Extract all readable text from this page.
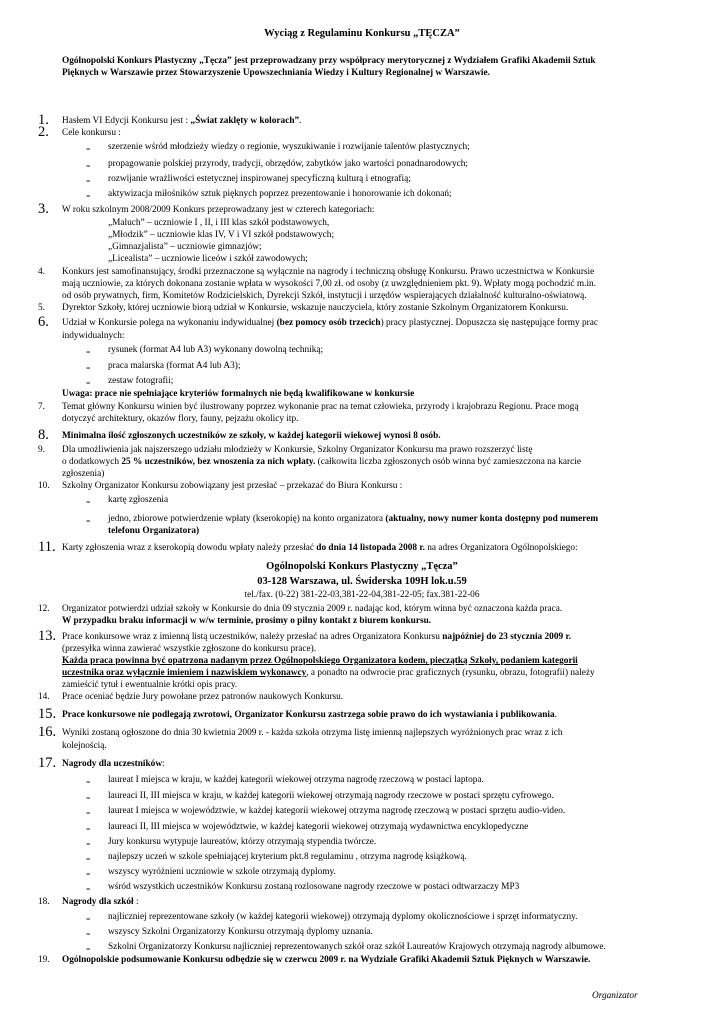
Wyciąg z Regulaminu Konkursu „TĘCZA”
Ogólnopolski Konkurs Plastyczny „Tęcza” jest przeprowadzany przy współpracy merytorycznej z Wydziałem Grafiki Akademii Sztuk
Pięknych w Warszawie przez Stowarzyszenie Upowszechniania Wiedzy i Kultury Regionalnej w Warszawie.
Ogólnopolski Konkurs Plastyczny „Tęcza”
03-128 Warszawa, ul. Świderska 109H lok.u.59
tel./fax. (0-22) 381-22-03,381-22-04,381-22-05; fax.381-22-06
Organizator
1. Hasłem VI Edycji Konkursu jest : „Świat zaklęty w kolorach”.
2. Cele konkursu :
- szerzenie wśród młodzieży wiedzy o regionie, wyszukiwanie i rozwijanie talentów plastycznych;
- propagowanie polskiej przyrody, tradycji, obrzędów, zabytków jako wartości ponadnarodowych;
- rozwijanie wrażliwości estetycznej inspirowanej specyficzną kulturą i etnografią;
- aktywizacja miłośników sztuk pięknych poprzez prezentowanie i honorowanie ich dokonań;
3. W roku szkolnym 2008/2009 Konkurs przeprowadzany jest w czterech kategoriach:
„Maluch” – uczniowie I , II, i III klas szkół podstawowych,
„Młodzik” – uczniowie klas IV, V i VI szkół podstawowych;
„Gimnazjalista” – uczniowie gimnazjów;
„Licealista” – uczniowie liceów i szkół zawodowych;
4. Konkurs jest samofinansujący, środki przeznaczone są wyłącznie na nagrody i techniczną obsługę Konkursu. Prawo uczestnictwa w Konkursie
mają uczniowie, za których dokonana zostanie wpłata w wysokości 7,00 zł. od osoby (z uwzględnieniem pkt. 9). Wpłaty mogą pochodzić m.in.
od osób prywatnych, firm, Komitetów Rodzicielskich, Dyrekcji Szkół, instytucji i urzędów wspierających działalność kulturalno-oświatową.
5. Dyrektor Szkoły, której uczniowie biorą udział w Konkursie, wskazuje nauczyciela, który zostanie Szkolnym Organizatorem Konkursu.
6. Udział w Konkursie polega na wykonaniu indywidualnej (bez pomocy osób trzecich) pracy plastycznej. Dopuszcza się następujące formy prac
indywidualnych:
- rysunek (format A4 lub A3) wykonany dowolną techniką;
- praca malarska (format A4 lub A3);
- zestaw fotografii;
Uwaga: prace nie spełniające kryteriów formalnych nie będą kwalifikowane w konkursie
7. Temat główny Konkursu winien być ilustrowany poprzez wykonanie prac na temat człowieka, przyrody i krajobrazu Regionu. Prace mogą
dotyczyć architektury, okazów flory, fauny, pejzażu okolicy itp.
8. Minimalna ilość zgłoszonych uczestników ze szkoły, w każdej kategorii wiekowej wynosi 8 osób.
9. Dla umożliwienia jak najszerszego udziału młodzieży w Konkursie, Szkolny Organizator Konkursu ma prawo rozszerzyć listę
o dodatkowych 25 % uczestników, bez wnoszenia za nich wpłaty. (całkowita liczba zgłoszonych osób winna być zamieszczona na karcie
zgłoszenia)
10. Szkolny Organizator Konkursu zobowiązany jest przesłać – przekazać do Biura Konkursu :
- kartę zgłoszenia
- jedno, zbiorowe potwierdzenie wpłaty (kserokopię) na konto organizatora (aktualny, nowy numer konta dostępny pod numerem
telefonu Organizatora)
11. Karty zgłoszenia wraz z kserokopią dowodu wpłaty należy przesłać do dnia 14 listopada 2008 r. na adres Organizatora Ogólnopolskiego:
12. Organizator potwierdzi udział szkoły w Konkursie do dnia 09 stycznia 2009 r. nadając kod, którym winna być oznaczona każda praca.
W przypadku braku informacji w w/w terminie, prosimy o pilny kontakt z biurem konkursu.
13. Prace konkursowe wraz z imienną listą uczestników, należy przesłać na adres Organizatora Konkursu najpóźniej do 23 stycznia 2009 r.
(przesyłka winna zawierać wszystkie zgłoszone do konkursu prace).
Każda praca powinna być opatrzona nadanym przez Ogólnopolskiego Organizatora kodem, pieczątką Szkoły, podaniem kategorii
uczestnika oraz wyłącznie imieniem i nazwiskiem wykonawcy, a ponadto na odwrocie prac graficznych (rysunku, obrazu, fotografii) należy
zamieścić tytuł i ewentualnie krótki opis pracy.
14. Prace oceniać będzie Jury powołane przez patronów naukowych Konkursu.
15. Prace konkursowe nie podlegają zwrotowi, Organizator Konkursu zastrzega sobie prawo do ich wystawiania i publikowania.
16. Wyniki zostaną ogłoszone do dnia 30 kwietnia 2009 r. - każda szkoła otrzyma listę imienną najlepszych wyróżnionych prac wraz z ich
kolejnością.
17. Nagrody dla uczestników:
- laureat I miejsca w kraju, w każdej kategorii wiekowej otrzyma nagrodę rzeczową w postaci laptopa.
- laureaci II, III miejsca w kraju, w każdej kategorii wiekowej otrzymają nagrody rzeczowe w postaci sprzętu cyfrowego.
- laureat I miejsca w województwie, w każdej kategorii wiekowej otrzyma nagrodę rzeczową w postaci sprzętu audio-video.
- laureaci II, III miejsca w województwie, w każdej kategorii wiekowej otrzymają wydawnictwa encyklopedyczne
- Jury konkursu wytypuje laureatów, którzy otrzymają stypendia twórcze.
- najlepszy uczeń w szkole spełniającej kryterium pkt.8 regulaminu , otrzyma nagrodę książkową.
- wszyscy wyróżnieni uczniowie w szkole otrzymają dyplomy.
- wśród wszystkich uczestników Konkursu zostaną rozlosowane nagrody rzeczowe w postaci odtwarzaczy MP3
18. Nagrody dla szkół :
- najliczniej reprezentowane szkoły (w każdej kategorii wiekowej) otrzymają dyplomy okolicznościowe i sprzęt informatyczny.
- wszyscy Szkolni Organizatorzy Konkursu otrzymają dyplomy uznania.
- Szkolni Organizatorzy Konkursu najliczniej reprezentowanych szkół oraz szkół Laureatów Krajowych otrzymają nagrody albumowe.
19. Ogólnopolskie podsumowanie Konkursu odbędzie się w czerwcu 2009 r. na Wydziale Grafiki Akademii Sztuk Pięknych w Warszawie.
